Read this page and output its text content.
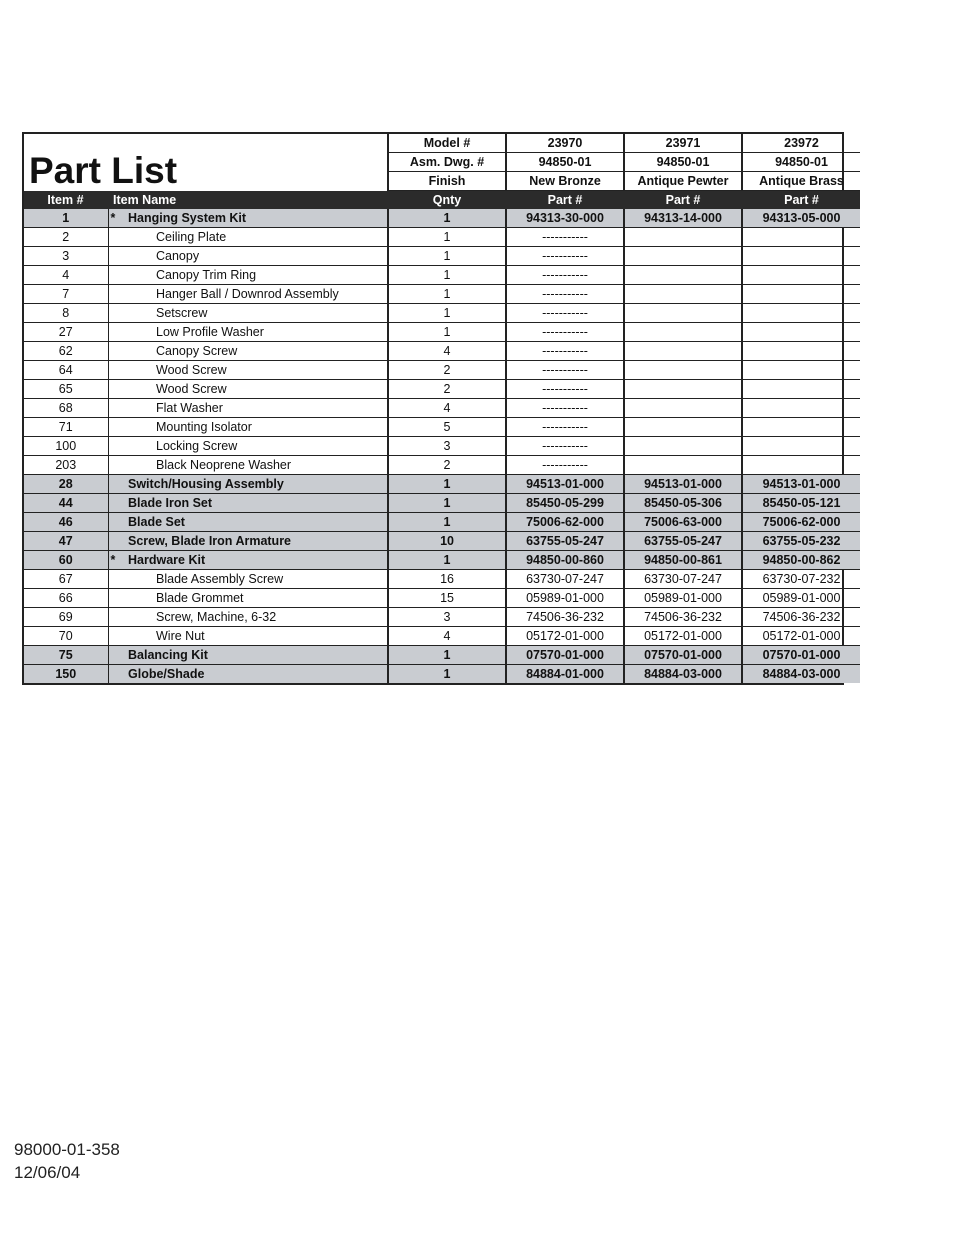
Part List			Model #	23970	23971	23972
			Asm. Dwg. #	94850-01	94850-01	94850-01
			Finish	New Bronze	Antique Pewter	Antique Brass
Item #	Item Name		Qnty	Part #	Part #	Part #
1	*	Hanging System Kit	1	94313-30-000	94313-14-000	94313-05-000
2		Ceiling Plate	1	-----------		
3		Canopy	1	-----------		
4		Canopy Trim Ring	1	-----------		
7		Hanger Ball / Downrod Assembly	1	-----------		
8		Setscrew	1	-----------		
27		Low Profile Washer	1	-----------		
62		Canopy Screw	4	-----------		
64		Wood Screw	2	-----------		
65		Wood Screw	2	-----------		
68		Flat Washer	4	-----------		
71		Mounting Isolator	5	-----------		
100		Locking Screw	3	-----------		
203		Black Neoprene Washer	2	-----------		
28		Switch/Housing Assembly	1	94513-01-000	94513-01-000	94513-01-000
44		Blade Iron Set	1	85450-05-299	85450-05-306	85450-05-121
46		Blade Set	1	75006-62-000	75006-63-000	75006-62-000
47		Screw, Blade Iron Armature	10	63755-05-247	63755-05-247	63755-05-232
60	*	Hardware Kit	1	94850-00-860	94850-00-861	94850-00-862
67		Blade Assembly Screw	16	63730-07-247	63730-07-247	63730-07-232
66		Blade Grommet	15	05989-01-000	05989-01-000	05989-01-000
69		Screw, Machine, 6-32	3	74506-36-232	74506-36-232	74506-36-232
70		Wire Nut	4	05172-01-000	05172-01-000	05172-01-000
75		Balancing Kit	1	07570-01-000	07570-01-000	07570-01-000
150		Globe/Shade	1	84884-01-000	84884-03-000	84884-03-000
98000-01-358
12/06/04
